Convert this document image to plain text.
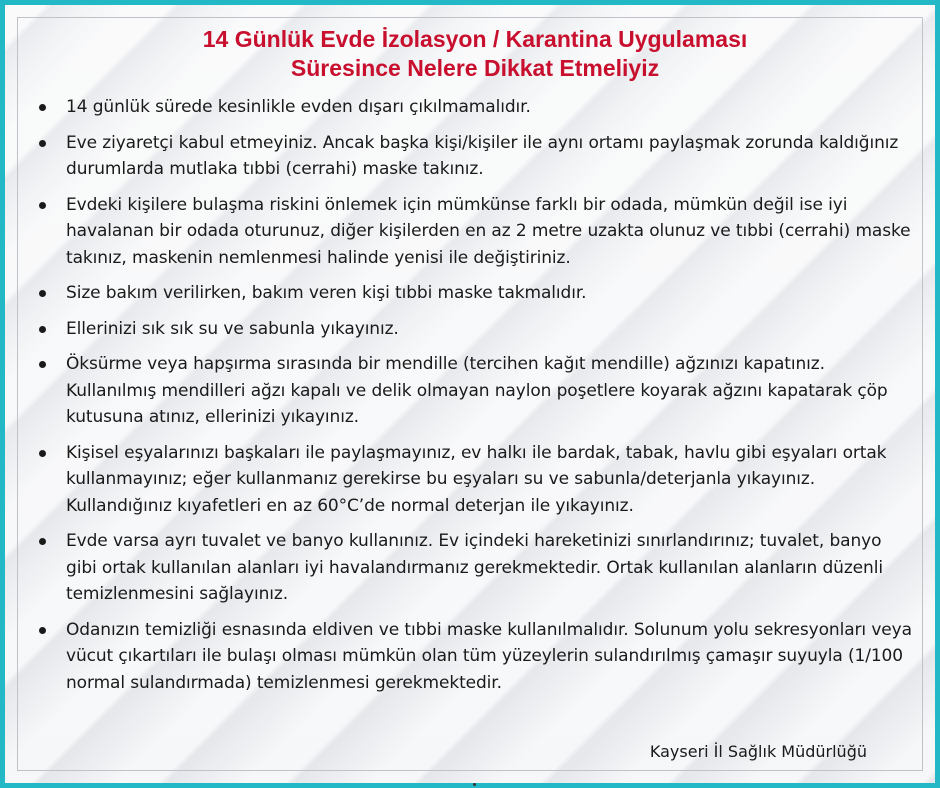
14 Günlük Evde İzolasyon / Karantina Uygulaması
Süresince Nelere Dikkat Etmeliyiz
14 günlük sürede kesinlikle evden dışarı çıkılmamalıdır.
Eve ziyaretçi kabul etmeyiniz. Ancak başka kişi/kişiler ile aynı ortamı paylaşmak zorunda kaldığınız durumlarda mutlaka tıbbi (cerrahi) maske takınız.
Evdeki kişilere bulaşma riskini önlemek için mümkünse farklı bir odada, mümkün değil ise iyi havalanan bir odada oturunuz, diğer kişilerden en az 2 metre uzakta olunuz ve tıbbi (cerrahi) maske takınız, maskenin nemlenmesi halinde yenisi ile değiştiriniz.
Size bakım verilirken, bakım veren kişi tıbbi maske takmalıdır.
Ellerinizi sık sık su ve sabunla yıkayınız.
Öksürme veya hapşırma sırasında bir mendille (tercihen kağıt mendille) ağzınızı kapatınız. Kullanılmış mendilleri ağzı kapalı ve delik olmayan naylon poşetlere koyarak ağzını kapatarak çöp kutusuna atınız, ellerinizi yıkayınız.
Kişisel eşyalarınızı başkaları ile paylaşmayınız, ev halkı ile bardak, tabak, havlu gibi eşyaları ortak kullanmayınız; eğer kullanmanız gerekirse bu eşyaları su ve sabunla/deterjanla yıkayınız. Kullandığınız kıyafetleri en az 60°C’de normal deterjan ile yıkayınız.
Evde varsa ayrı tuvalet ve banyo kullanınız. Ev içindeki hareketinizi sınırlandırınız; tuvalet, banyo gibi ortak kullanılan alanları iyi havalandırmanız gerekmektedir. Ortak kullanılan alanların düzenli temizlenmesini sağlayınız.
Odanızın temizliği esnasında eldiven ve tıbbi maske kullanılmalıdır. Solunum yolu sekresyonları veya vücut çıkartıları ile bulaşı olması mümkün olan tüm yüzeylerin sulandırılmış çamaşır suyuyla (1/100 normal sulandırmada) temizlenmesi gerekmektedir.
Kayseri İl Sağlık Müdürlüğü
